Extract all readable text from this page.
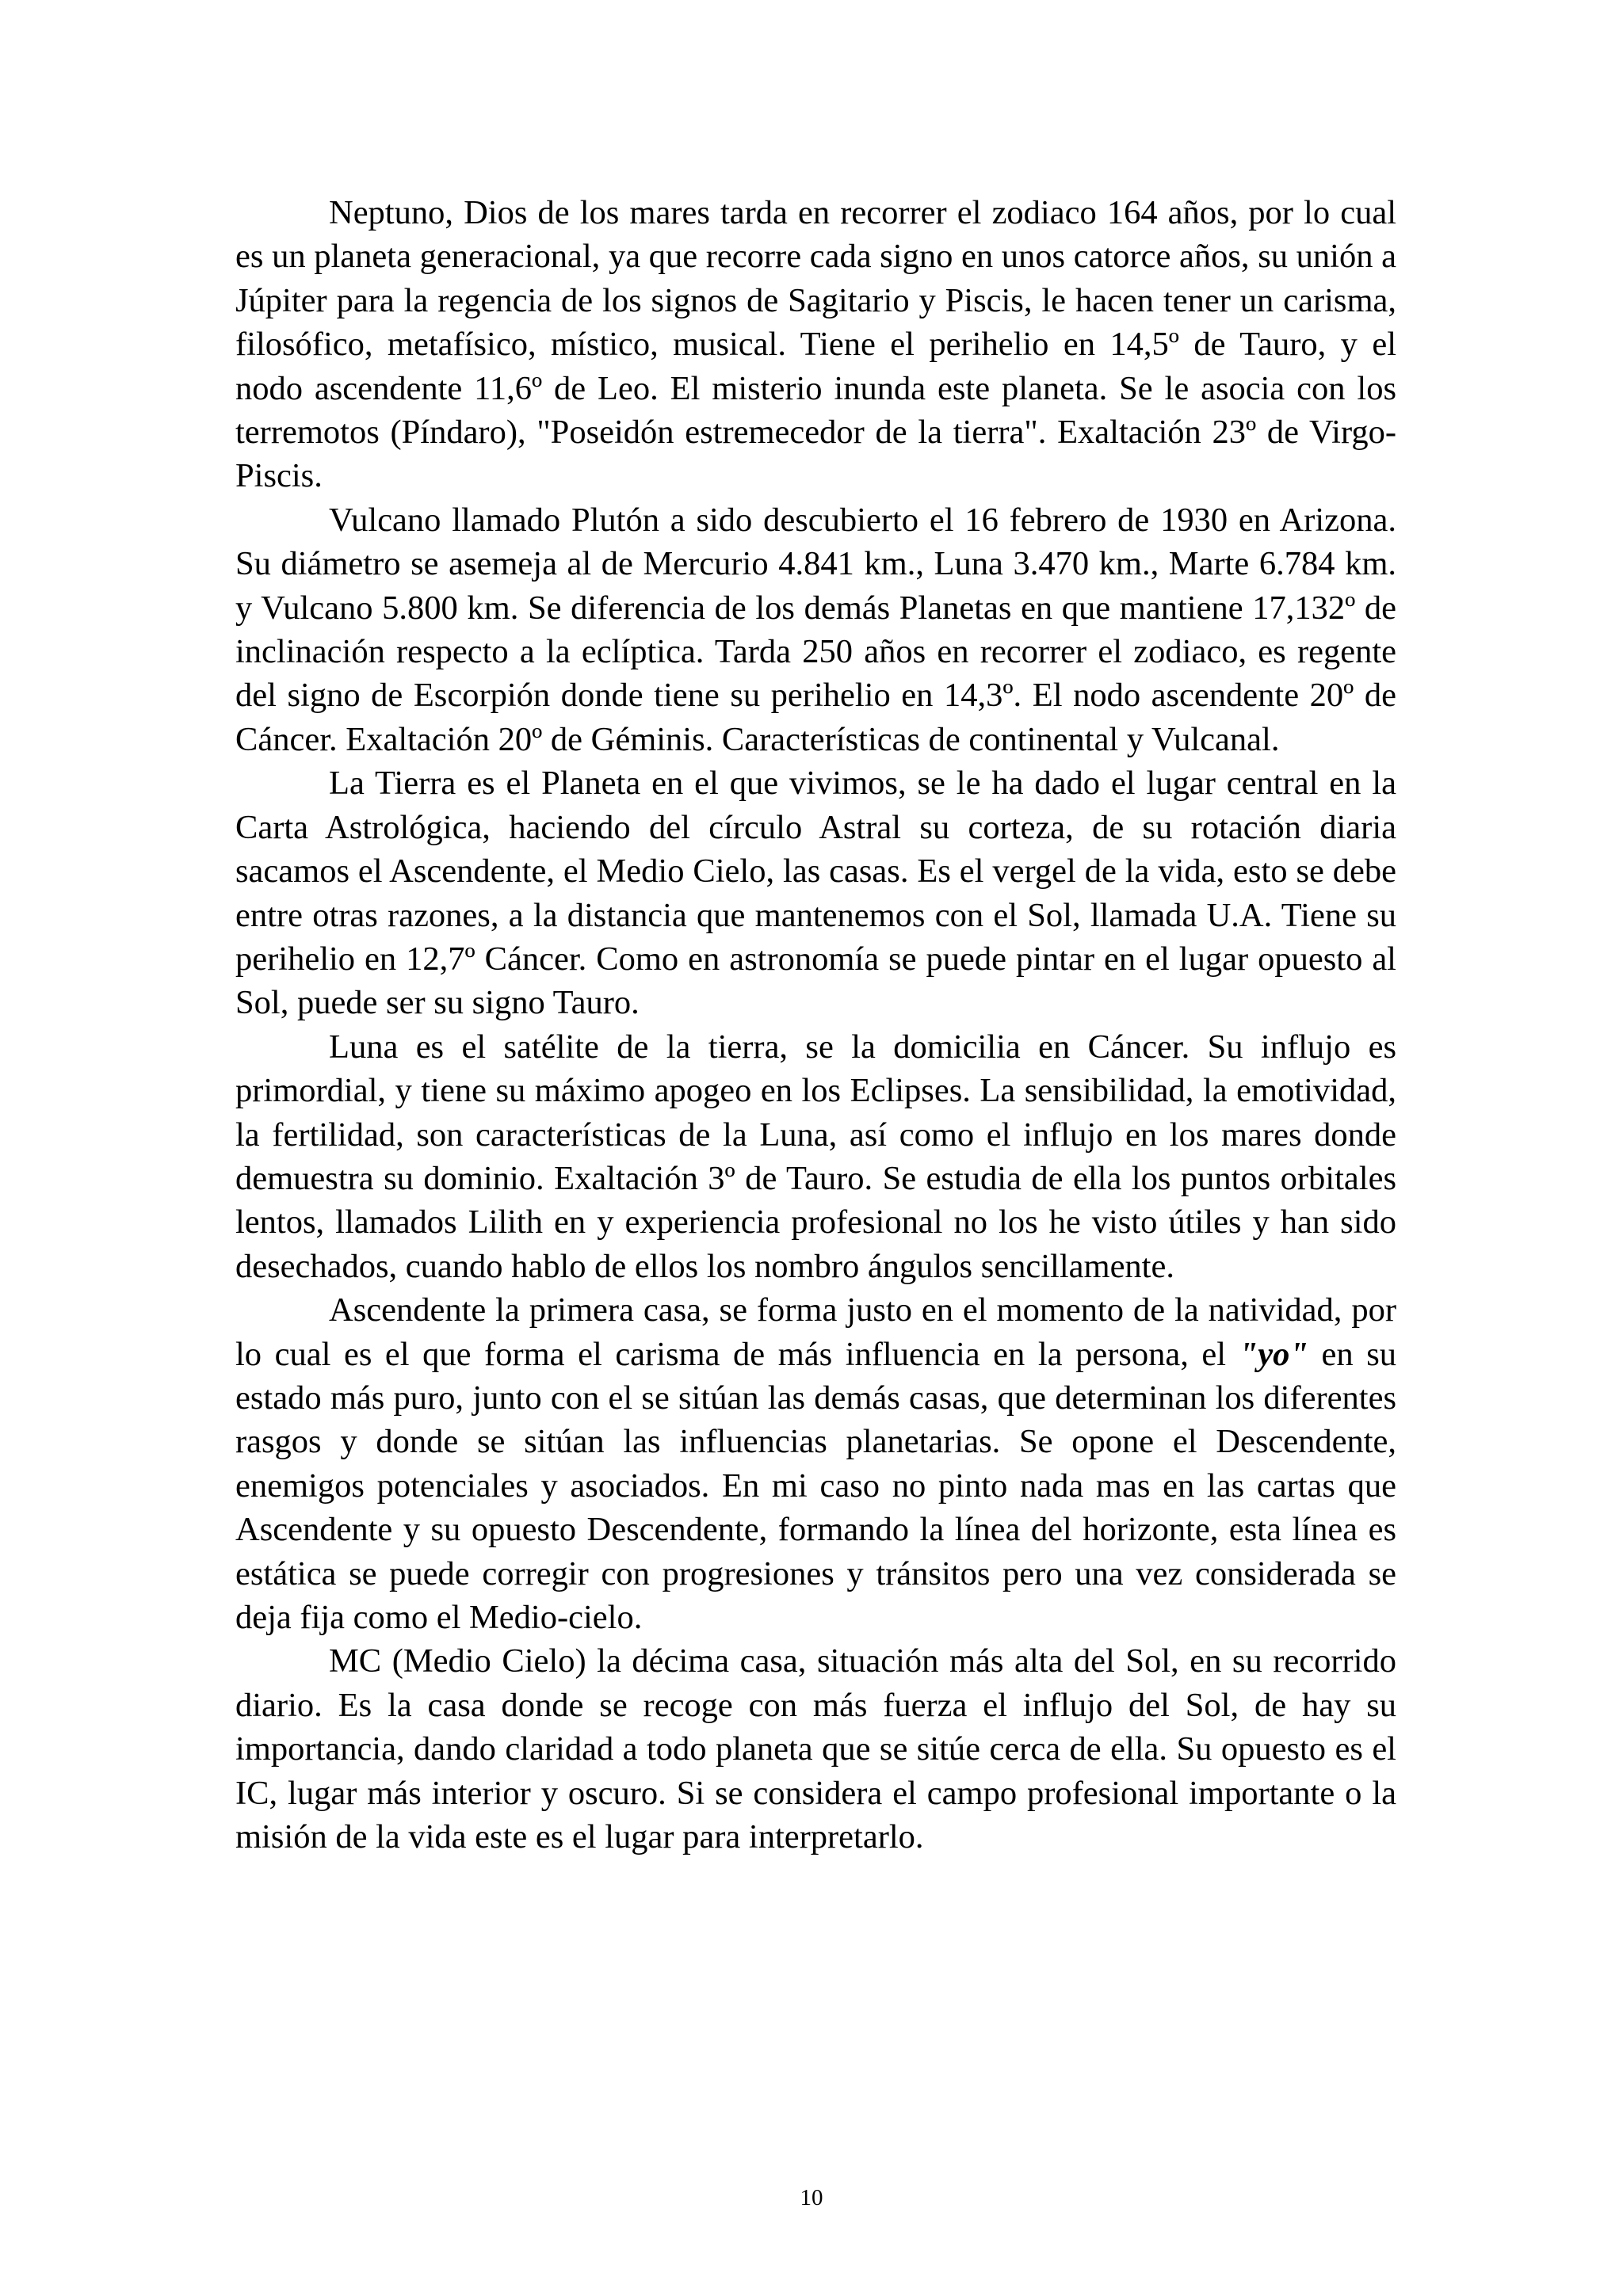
Neptuno, Dios de los mares tarda en recorrer el zodiaco 164 años, por lo cual es un planeta generacional, ya que recorre cada signo en unos catorce años, su unión a Júpiter para la regencia de los signos de Sagitario y Piscis, le hacen tener un carisma, filosófico, metafísico, místico, musical. Tiene el perihelio en 14,5º de Tauro, y el nodo ascendente 11,6º de Leo. El misterio inunda este planeta. Se le asocia con los terremotos (Píndaro), "Poseidón estremecedor de la tierra". Exaltación 23º de Virgo-Piscis.

Vulcano llamado Plutón a sido descubierto el 16 febrero de 1930 en Arizona. Su diámetro se asemeja al de Mercurio 4.841 km., Luna 3.470 km., Marte 6.784 km. y Vulcano 5.800 km. Se diferencia de los demás Planetas en que mantiene 17,132º de inclinación respecto a la eclíptica. Tarda 250 años en recorrer el zodiaco, es regente del signo de Escorpión donde tiene su perihelio en 14,3º. El nodo ascendente 20º de Cáncer. Exaltación 20º de Géminis. Características de continental y Vulcanal.

La Tierra es el Planeta en el que vivimos, se le ha dado el lugar central en la Carta Astrológica, haciendo del círculo Astral su corteza, de su rotación diaria sacamos el Ascendente, el Medio Cielo, las casas. Es el vergel de la vida, esto se debe entre otras razones, a la distancia que mantenemos con el Sol, llamada U.A. Tiene su perihelio en 12,7º Cáncer. Como en astronomía se puede pintar en el lugar opuesto al Sol, puede ser su signo Tauro.

Luna es el satélite de la tierra, se la domicilia en Cáncer. Su influjo es primordial, y tiene su máximo apogeo en los Eclipses. La sensibilidad, la emotividad, la fertilidad, son características de la Luna, así como el influjo en los mares donde demuestra su dominio. Exaltación 3º de Tauro. Se estudia de ella los puntos orbitales lentos, llamados Lilith en y experiencia profesional no los he visto útiles y han sido desechados, cuando hablo de ellos los nombro ángulos sencillamente.

Ascendente la primera casa, se forma justo en el momento de la natividad, por lo cual es el que forma el carisma de más influencia en la persona, el "yo" en su estado más puro, junto con el se sitúan las demás casas, que determinan los diferentes rasgos y donde se sitúan las influencias planetarias. Se opone el Descendente, enemigos potenciales y asociados. En mi caso no pinto nada mas en las cartas que Ascendente y su opuesto Descendente, formando la línea del horizonte, esta línea es estática se puede corregir con progresiones y tránsitos pero una vez considerada se deja fija como el Medio-cielo.

MC (Medio Cielo) la décima casa, situación más alta del Sol, en su recorrido diario. Es la casa donde se recoge con más fuerza el influjo del Sol, de hay su importancia, dando claridad a todo planeta que se sitúe cerca de ella. Su opuesto es el IC, lugar más interior y oscuro. Si se considera el campo profesional importante o la misión de la vida este es el lugar para interpretarlo.

10
